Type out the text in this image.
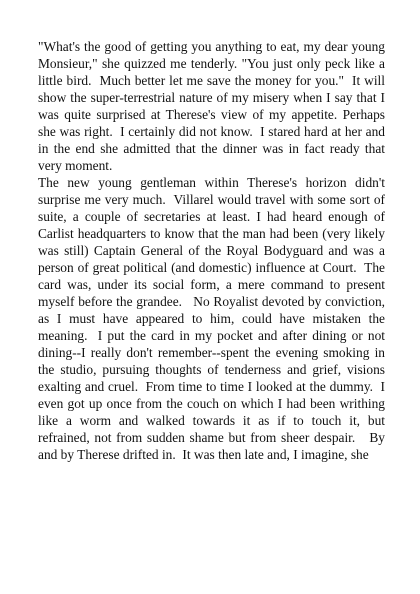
"What's the good of getting you anything to eat, my dear young Monsieur," she quizzed me tenderly. "You just only peck like a little bird.  Much better let me save the money for you."  It will show the super-terrestrial nature of my misery when I say that I was quite surprised at Therese's view of my appetite. Perhaps she was right.  I certainly did not know.  I stared hard at her and in the end she admitted that the dinner was in fact ready that very moment.

The new young gentleman within Therese's horizon didn't surprise me very much.  Villarel would travel with some sort of suite, a couple of secretaries at least. I had heard enough of Carlist headquarters to know that the man had been (very likely was still) Captain General of the Royal Bodyguard and was a person of great political (and domestic) influence at Court.  The card was, under its social form, a mere command to present myself before the grandee.   No Royalist devoted by conviction, as I must have appeared to him, could have mistaken the meaning.  I put the card in my pocket and after dining or not dining--I really don't remember--spent the evening smoking in the studio, pursuing thoughts of tenderness and grief, visions exalting and cruel.  From time to time I looked at the dummy.  I even got up once from the couch on which I had been writhing like a worm and walked towards it as if to touch it, but refrained, not from sudden shame but from sheer despair.   By and by Therese drifted in.  It was then late and, I imagine, she
